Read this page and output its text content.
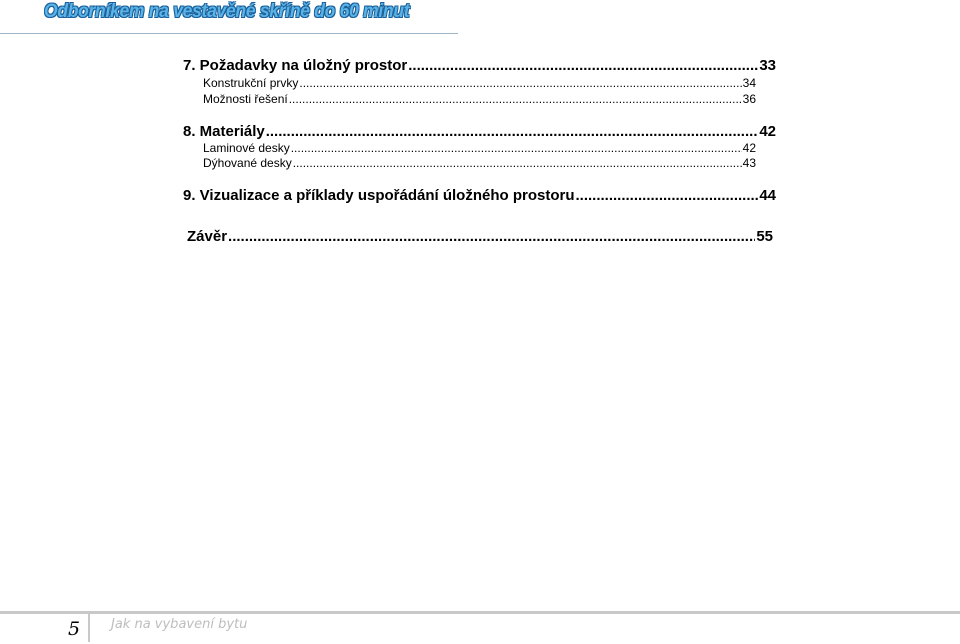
Odborníkem na vestavěné skříně do 60 minut
7. Požadavky na úložný prostor .....	33
Konstrukční prvky .....	34
Možnosti řešení .....	36
8. Materiály .....	42
Laminové desky .....	42
Dýhované desky .....	43
9. Vizualizace a příklady uspořádání úložného prostoru .....	44
Závěr .....	55
5 Jak na vybavení bytu
